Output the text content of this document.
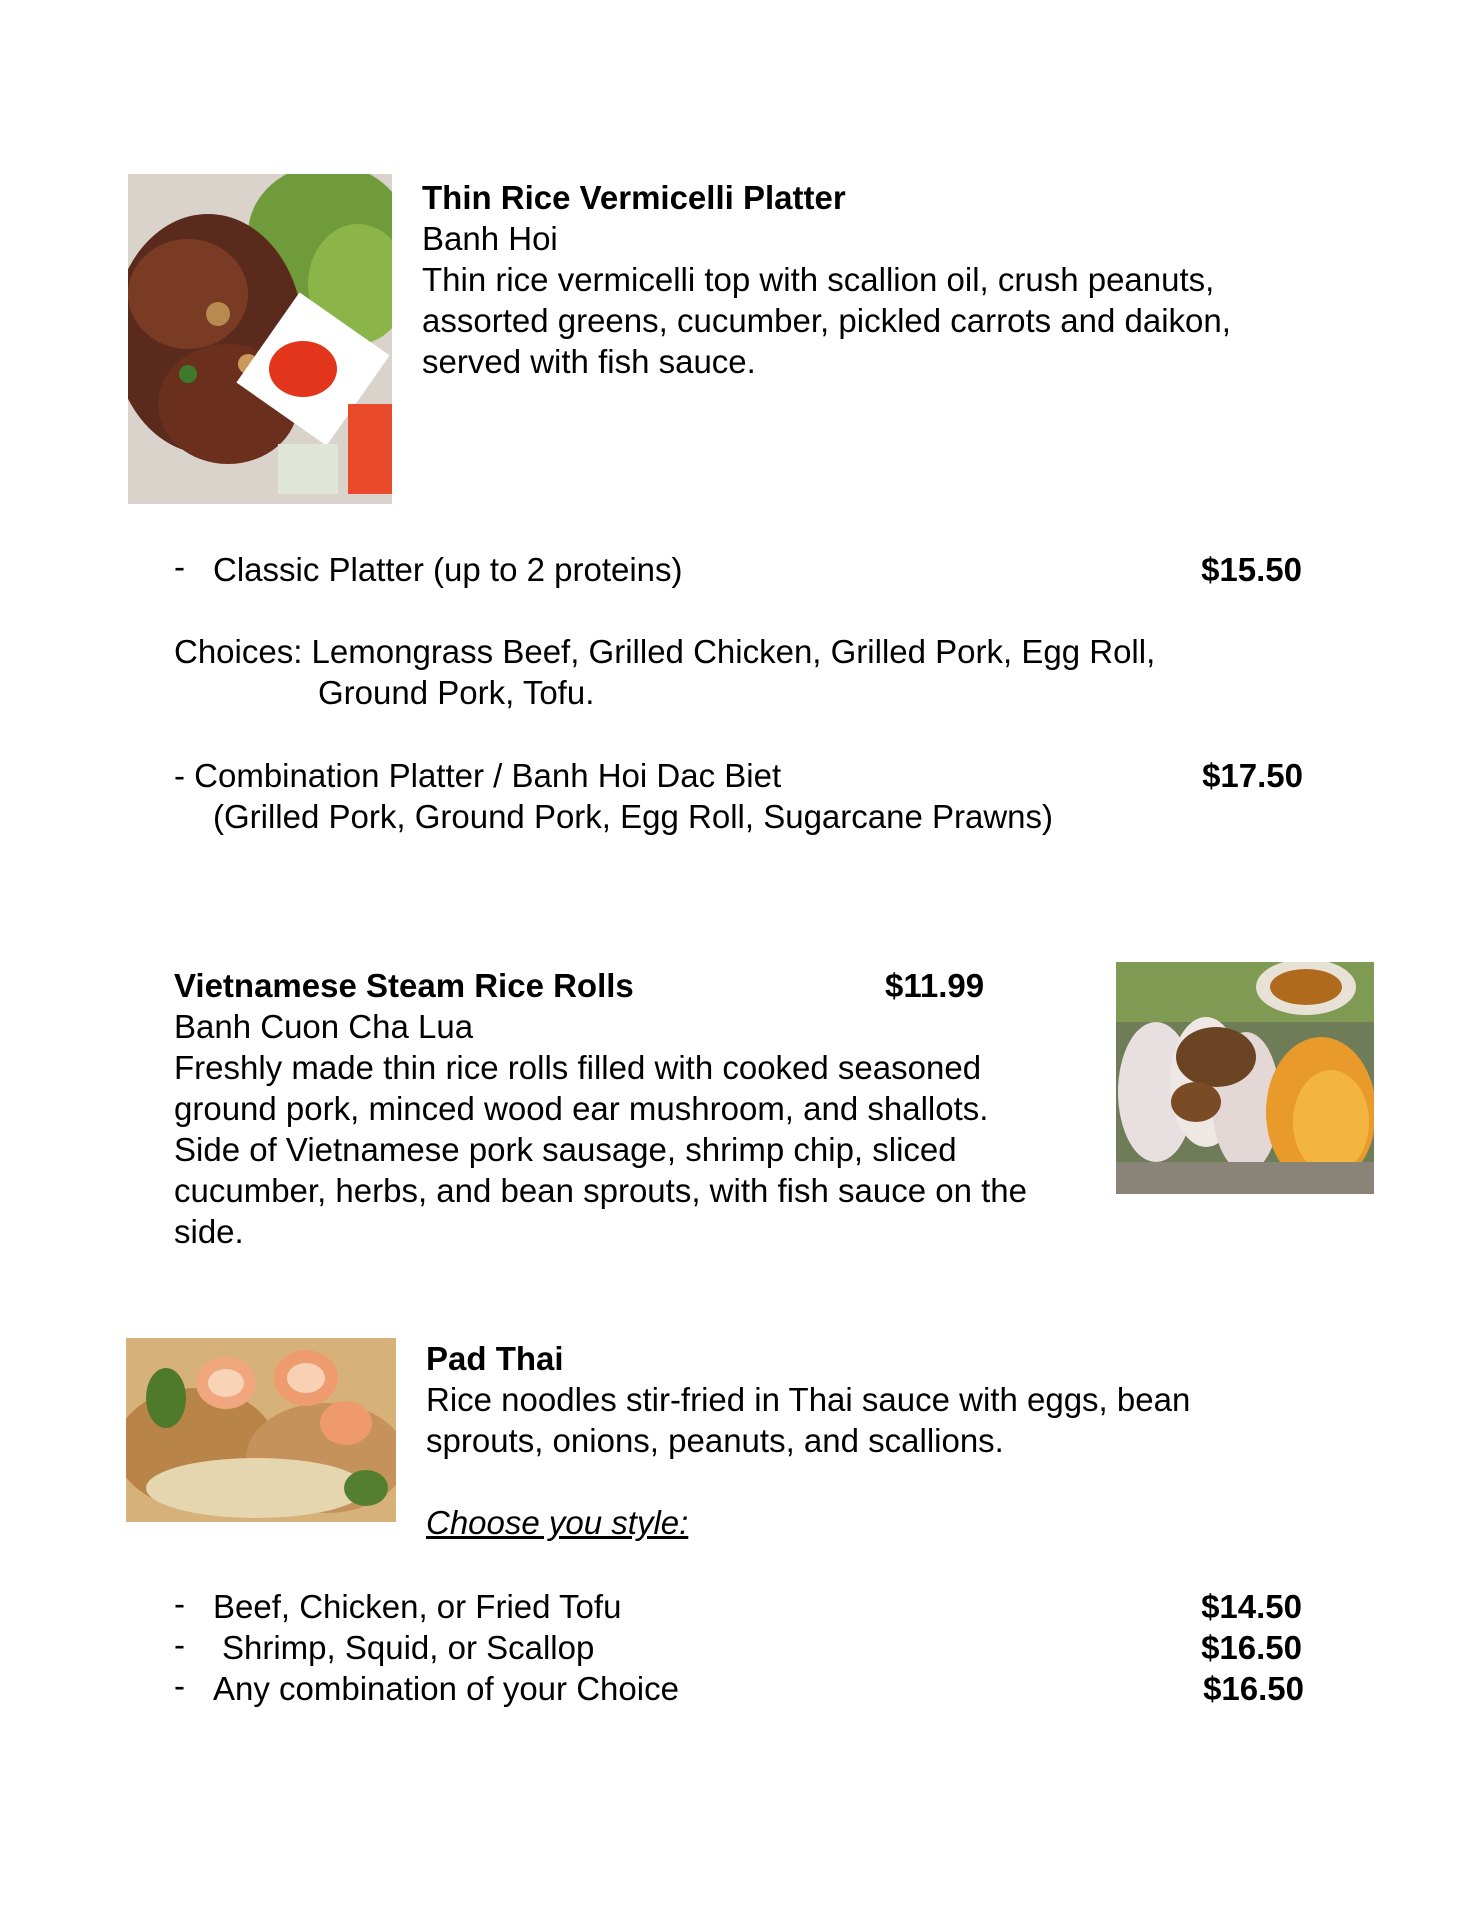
Thin Rice Vermicelli Platter
Banh Hoi
Thin rice vermicelli top with scallion oil, crush peanuts,
assorted greens, cucumber, pickled carrots and daikon,
served with fish sauce.
- Classic Platter (up to 2 proteins)	$15.50
Choices: Lemongrass Beef, Grilled Chicken, Grilled Pork, Egg Roll,
Ground Pork, Tofu.
- Combination Platter / Banh Hoi Dac Biet	$17.50
(Grilled Pork, Ground Pork, Egg Roll, Sugarcane Prawns)
Vietnamese Steam Rice Rolls	$11.99
Banh Cuon Cha Lua
Freshly made thin rice rolls filled with cooked seasoned
ground pork, minced wood ear mushroom, and shallots.
Side of Vietnamese pork sausage, shrimp chip, sliced
cucumber, herbs, and bean sprouts, with fish sauce on the
side.
Pad Thai
Rice noodles stir-fried in Thai sauce with eggs, bean
sprouts, onions, peanuts, and scallions.
Choose you style:
- Beef, Chicken, or Fried Tofu	$14.50
- Shrimp, Squid, or Scallop	$16.50
- Any combination of your Choice	$16.50
